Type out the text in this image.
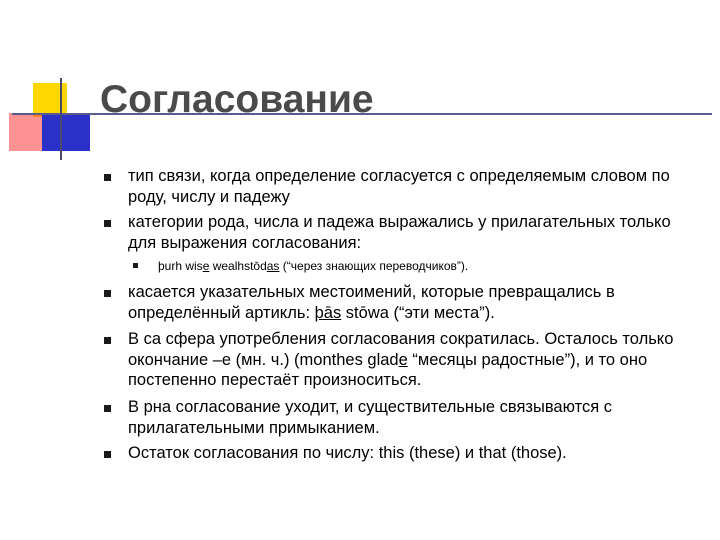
Согласование
тип связи, когда определение согласуется с определяемым словом по роду, числу и падежу
категории рода, числа и падежа выражались у прилагательных только для выражения согласования:
þurh wise wealhstōdas (“через знающих переводчиков”).
касается указательных местоимений, которые превращались в определённый артикль: þās stōwa (“эти места”).
В са сфера употребления согласования сократилась. Осталось только окончание –е (мн. ч.) (monthes glade “месяцы радостные”), и то оно постепенно перестаёт произноситься.
В рна согласование уходит, и существительные связываются с прилагательными примыканием.
Остаток согласования по числу: this (these) и that (those).
